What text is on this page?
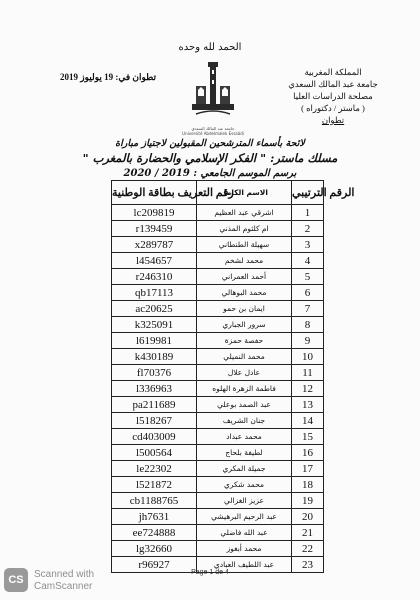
الحمد لله وحده
المملكة المغربية
جامعة عبد المالك السعدي
مصلحة الدراسات العليا
( ماستر / دكتوراه )
تطوان
تطوان في: 19 يوليوز 2019
جامعة عبد المالك السعدي
Université Abdelmalek Essaâdi
لائحة بأسماء المترشحين المقبولين لاجتياز مباراة
مسلك ماستر: " الفكر الإسلامي والحضارة بالمغرب "
برسم الموسم الجامعي : 2019 / 2020
رقم التعريف بطاقة الوطنية	الاسم الكامل	الرقم الترتيبي
lc209819	اشرقي عبد العظيم	1
r139459	ام كلثوم المذني	2
x289787	سهيلة الطنطاني	3
l454657	محمد لشخم	4
r246310	أحمد العمراني	5
qb17113	محمد البوهالي	6
ac20625	ايمان بن حمو	7
k325091	سرور الجباري	8
l619981	حفصة حمزة	9
k430189	محمد النميلي	10
fl70376	عادل علال	11
l336963	فاطمة الزهرة الهلوه	12
pa211689	عبد الصمد بوعلي	13
l518267	جنان الشريف	14
cd403009	محمد عبداد	15
l500564	لطيفة بلحاج	16
le22302	جميلة المكري	17
l521872	محمد شكري	18
cb1188765	عزيز الغزالي	19
jh7631	عبد الرحيم البرهيشي	20
ee724888	عبد الله فاضلي	21
lg32660	محمد أبغوز	22
r96927	عبد اللطيف العبادي	23
Page 1 de 4
CS	Scanned with
CamScanner
